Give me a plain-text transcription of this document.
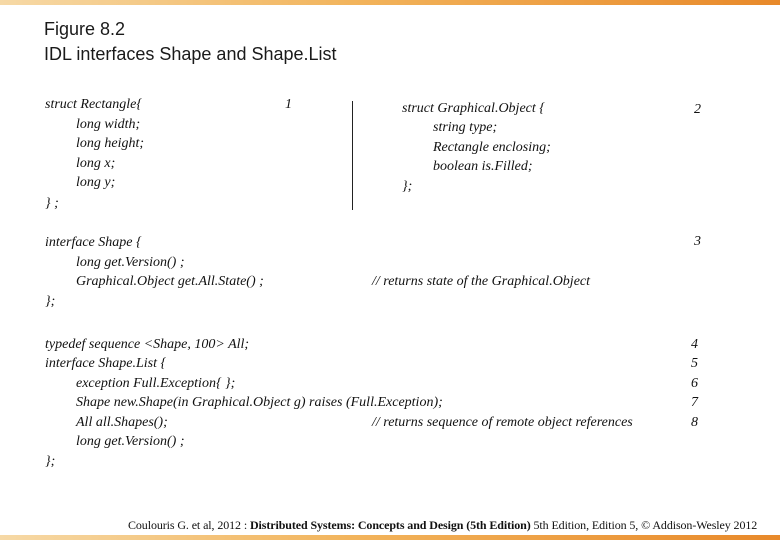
Figure 8.2
IDL interfaces Shape and Shape.List
struct Rectangle{
long width;
long height;
long x;
long y;
} ;
1	struct Graphical.Object {
string type;
Rectangle enclosing;
boolean is.Filled;
};
2
interface Shape {
long get.Version() ;
Graphical.Object get.All.State() ;
};
// returns state of the Graphical.Object
3
typedef sequence <Shape, 100> All;
interface Shape.List {
exception Full.Exception{ };
Shape new.Shape(in Graphical.Object g) raises (Full.Exception);
All all.Shapes();
long get.Version() ;
};
// returns sequence of remote object references
4
5
6
7
8
Coulouris G. et al, 2012 : Distributed Systems: Concepts and Design (5th Edition) 5th Edition, Edition 5, © Addison-Wesley 2012
